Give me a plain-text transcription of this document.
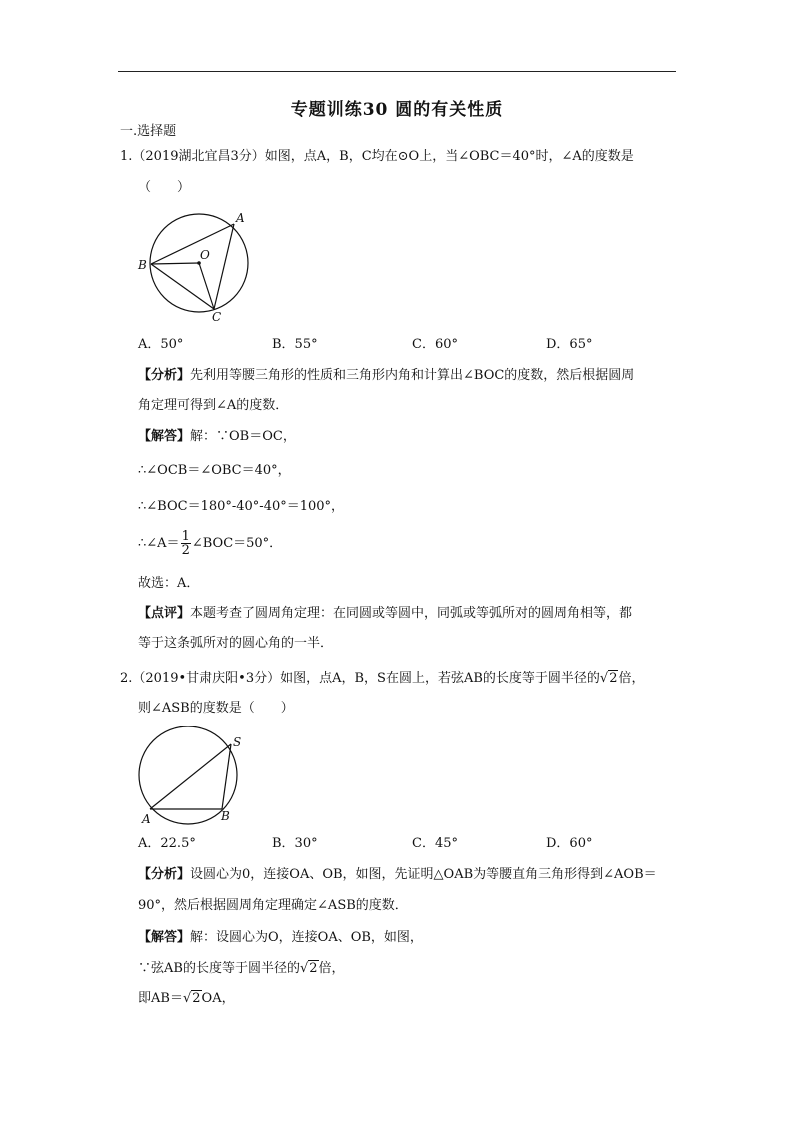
专题训练30 圆的有关性质
一.选择题
1.（2019湖北宜昌3分）如图，点A，B，C均在⊙O上，当∠OBC＝40°时，∠A的度数是
（　　）
A
O
B
C
A．50°	B．55°	C．60°	D．65°
【分析】先利用等腰三角形的性质和三角形内角和计算出∠BOC的度数，然后根据圆周
角定理可得到∠A的度数．
【解答】解：∵OB＝OC，
∴∠OCB＝∠OBC＝40°，
∴∠BOC＝180°-40°-40°＝100°，
∴∠A＝ $\frac{1}{2}$ ∠BOC＝50°．
故选：A．
【点评】本题考查了圆周角定理：在同圆或等圆中，同弧或等弧所对的圆周角相等，都
等于这条弧所对的圆心角的一半．
2.（2019•甘肃庆阳•3分）如图，点A，B，S在圆上，若弦AB的长度等于圆半径的√2倍，
则∠ASB的度数是（　　）
S
A	B
A．22.5°	B．30°	C．45°	D．60°
【分析】设圆心为0，连接OA、OB，如图，先证明△OAB为等腰直角三角形得到∠AOB＝
90°，然后根据圆周角定理确定∠ASB的度数．
【解答】解：设圆心为O，连接OA、OB，如图，
∵弦AB的长度等于圆半径的√2倍，
即AB＝√2OA，
